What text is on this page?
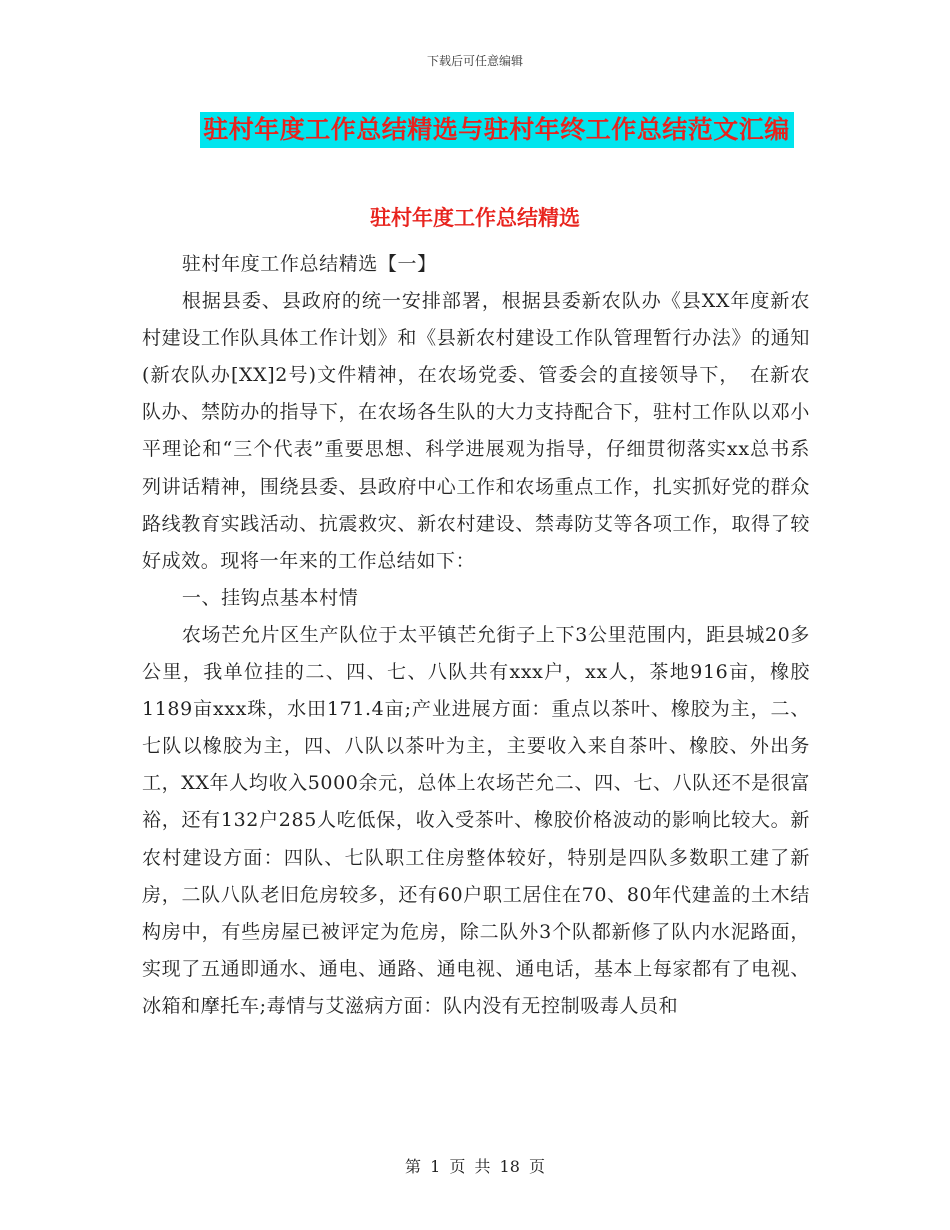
下载后可任意编辑
驻村年度工作总结精选与驻村年终工作总结范文汇编
驻村年度工作总结精选

驻村年度工作总结精选【一】

根据县委、县政府的统一安排部署，根据县委新农队办《县XX年度新农村建设工作队具体工作计划》和《县新农村建设工作队管理暂行办法》的通知(新农队办[XX]2号)文件精神，在农场党委、管委会的直接领导下，　在新农队办、禁防办的指导下，在农场各生队的大力支持配合下，驻村工作队以邓小平理论和“三个代表”重要思想、科学进展观为指导，仔细贯彻落实xx总书系列讲话精神，围绕县委、县政府中心工作和农场重点工作，扎实抓好党的群众路线教育实践活动、抗震救灾、新农村建设、禁毒防艾等各项工作，取得了较好成效。现将一年来的工作总结如下：

一、挂钩点基本村情

农场芒允片区生产队位于太平镇芒允街子上下3公里范围内，距县城20多公里，我单位挂的二、四、七、八队共有xxx户，xx人，茶地916亩，橡胶1189亩xxx珠，水田171.4亩;产业进展方面：重点以茶叶、橡胶为主，二、七队以橡胶为主，四、八队以茶叶为主，主要收入来自茶叶、橡胶、外出务工，XX年人均收入5000余元，总体上农场芒允二、四、七、八队还不是很富裕，还有132户285人吃低保，收入受茶叶、橡胶价格波动的影响比较大。新农村建设方面：四队、七队职工住房整体较好，特别是四队多数职工建了新房，二队八队老旧危房较多，还有60户职工居住在70、80年代建盖的土木结构房中，有些房屋已被评定为危房，除二队外3个队都新修了队内水泥路面，实现了五通即通水、通电、通路、通电视、通电话，基本上每家都有了电视、冰箱和摩托车;毒情与艾滋病方面：队内没有无控制吸毒人员和

第 1 页 共 18 页
